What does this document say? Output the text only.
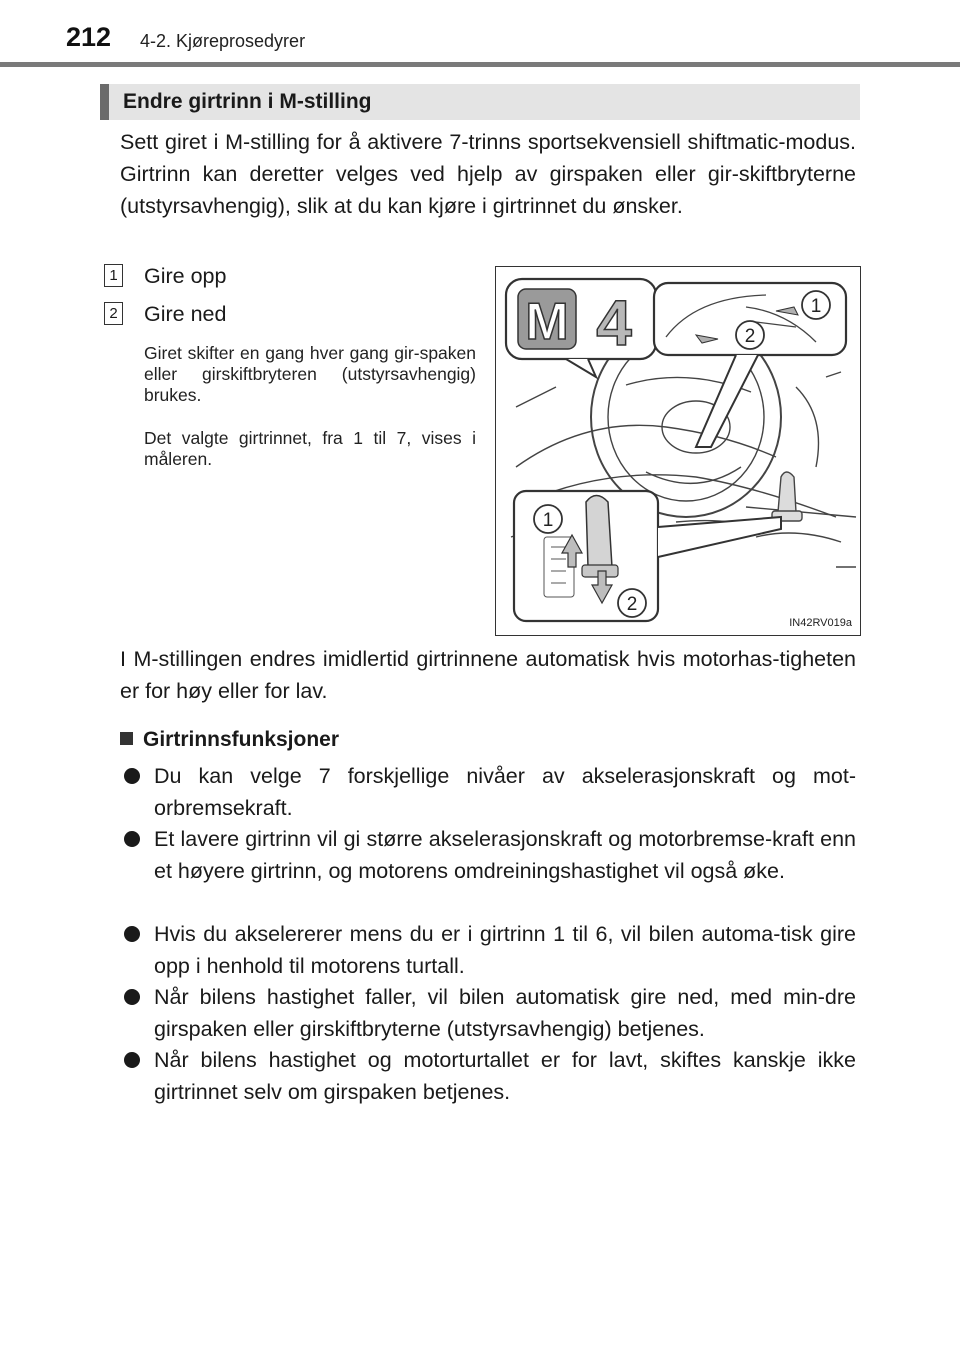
212 4-2. Kjøreprosedyrer
Endre girtrinn i M-stilling

Sett giret i M-stilling for å aktivere 7-trinns sportsekvensiell shiftmatic-modus. Girtrinn kan deretter velges ved hjelp av girspaken eller gir-skiftbryterne (utstyrsavhengig), slik at du kan kjøre i girtrinnet du ønsker.

1 Gire opp
2 Gire ned

Giret skifter en gang hver gang gir-spaken eller girskiftbryteren (utstyrsavhengig) brukes.

Det valgte girtrinnet, fra 1 til 7, vises i måleren.

M 4	1
2
1
2
IN42RV019a

I M-stillingen endres imidlertid girtrinnene automatisk hvis motorhas-tigheten er for høy eller for lav.

Girtrinnsfunksjoner
Du kan velge 7 forskjellige nivåer av akselerasjonskraft og mot-orbremsekraft.
Et lavere girtrinn vil gi større akselerasjonskraft og motorbremse-kraft enn et høyere girtrinn, og motorens omdreiningshastighet vil også øke.
Hvis du akselererer mens du er i girtrinn 1 til 6, vil bilen automa-tisk gire opp i henhold til motorens turtall.
Når bilens hastighet faller, vil bilen automatisk gire ned, med min-dre girspaken eller girskiftbryterne (utstyrsavhengig) betjenes.
Når bilens hastighet og motorturtallet er for lavt, skiftes kanskje ikke girtrinnet selv om girspaken betjenes.
